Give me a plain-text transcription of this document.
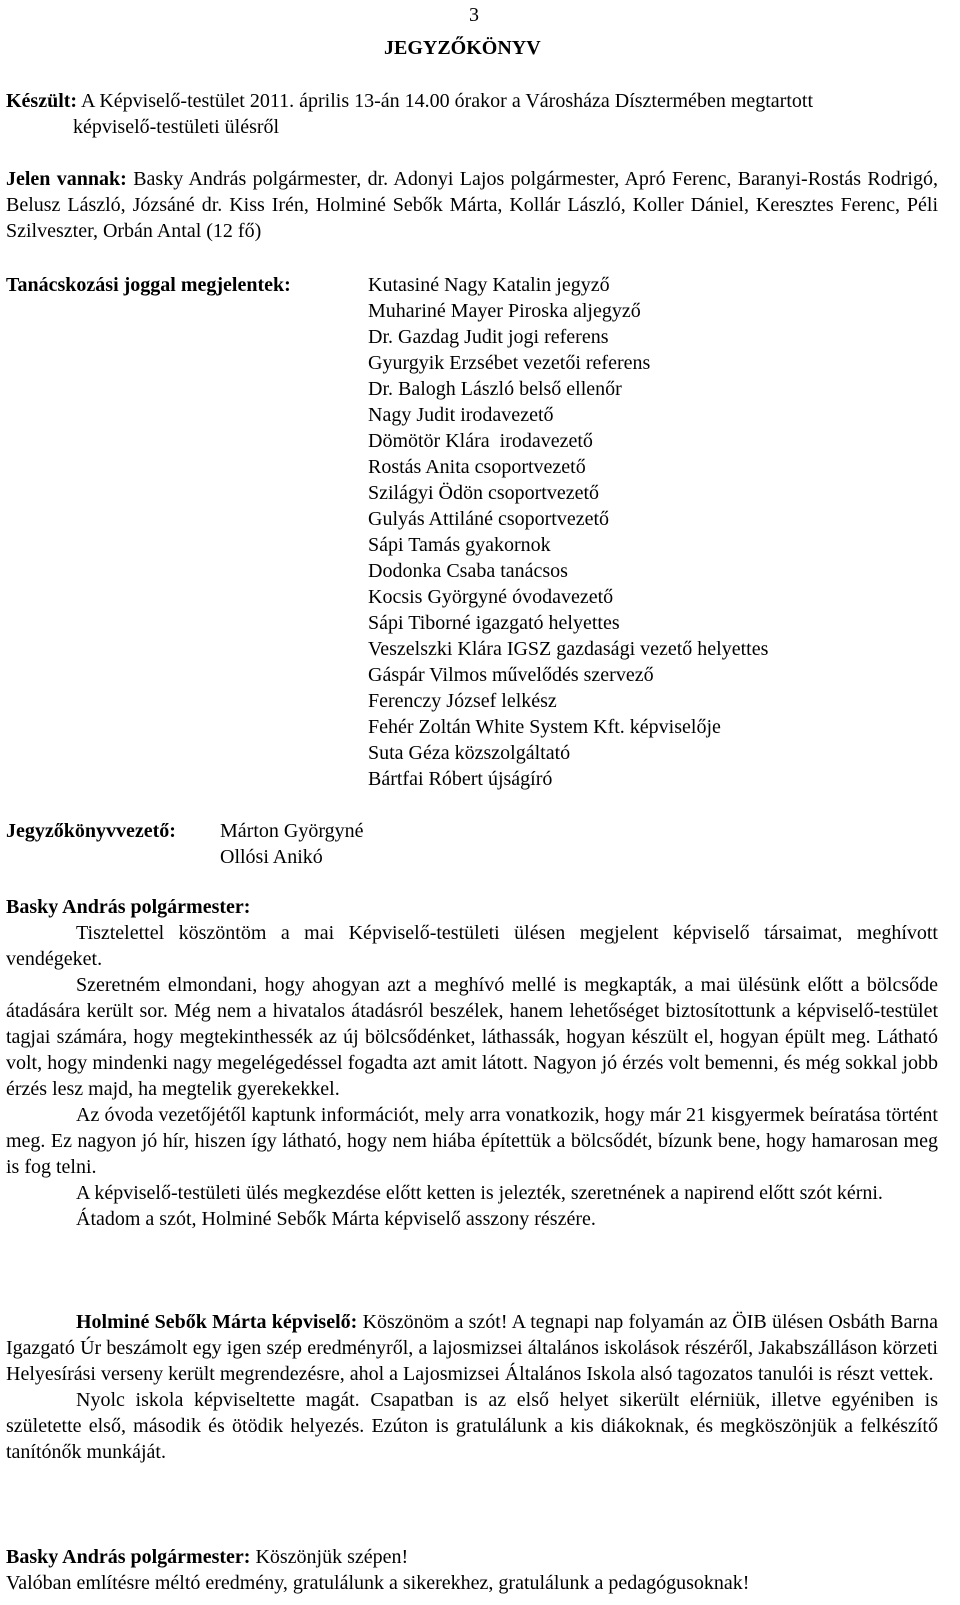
3
JEGYZŐKÖNYV
Készült: A Képviselő-testület 2011. április 13-án 14.00 órakor a Városháza Dísztermében megtartott
képviselő-testületi ülésről
Jelen vannak: Basky András polgármester, dr. Adonyi Lajos polgármester, Apró Ferenc, Baranyi-Rostás Rodrigó, Belusz László, Józsáné dr. Kiss Irén, Holminé Sebők Márta, Kollár László, Koller Dániel, Keresztes Ferenc, Péli Szilveszter, Orbán Antal (12 fő)
Tanácskozási joggal megjelentek:	Kutasiné Nagy Katalin jegyző
Muhariné Mayer Piroska aljegyző
Dr. Gazdag Judit jogi referens
Gyurgyik Erzsébet vezetői referens
Dr. Balogh László belső ellenőr
Nagy Judit irodavezető
Dömötör Klára  irodavezető
Rostás Anita csoportvezető
Szilágyi Ödön csoportvezető
Gulyás Attiláné csoportvezető
Sápi Tamás gyakornok
Dodonka Csaba tanácsos
Kocsis Györgyné óvodavezető
Sápi Tiborné igazgató helyettes
Veszelszki Klára IGSZ gazdasági vezető helyettes
Gáspár Vilmos művelődés szervező
Ferenczy József lelkész
Fehér Zoltán White System Kft. képviselője
Suta Géza közszolgáltató
Bártfai Róbert újságíró
Jegyzőkönyvvezető: Márton Györgyné
Ollósi Anikó
Basky András polgármester:
Tisztelettel köszöntöm a mai Képviselő-testületi ülésen megjelent képviselő társaimat, meghívott vendégeket.
Szeretném elmondani, hogy ahogyan azt a meghívó mellé is megkapták, a mai ülésünk előtt a bölcsőde átadására került sor. Még nem a hivatalos átadásról beszélek, hanem lehetőséget biztosítottunk a képviselő-testület tagjai számára, hogy megtekinthessék az új bölcsődénket, láthassák, hogyan készült el, hogyan épült meg. Látható volt, hogy mindenki nagy megelégedéssel fogadta azt amit látott. Nagyon jó érzés volt bemenni, és még sokkal jobb érzés lesz majd, ha megtelik gyerekekkel.
Az óvoda vezetőjétől kaptunk információt, mely arra vonatkozik, hogy már 21 kisgyermek beíratása történt meg. Ez nagyon jó hír, hiszen így látható, hogy nem hiába építettük a bölcsődét, bízunk bene, hogy hamarosan meg is fog telni.
A képviselő-testületi ülés megkezdése előtt ketten is jelezték, szeretnének a napirend előtt szót kérni.
Átadom a szót, Holminé Sebők Márta képviselő asszony részére.
Holminé Sebők Márta képviselő: Köszönöm a szót! A tegnapi nap folyamán az ÖIB ülésen Osbáth Barna Igazgató Úr beszámolt egy igen szép eredményről, a lajosmizsei általános iskolások részéről, Jakabszálláson körzeti Helyesírási verseny került megrendezésre, ahol a Lajosmizsei Általános Iskola alsó tagozatos tanulói is részt vettek.
Nyolc iskola képviseltette magát. Csapatban is az első helyet sikerült elérniük, illetve egyéniben is születette első, második és ötödik helyezés. Ezúton is gratulálunk a kis diákoknak, és megköszönjük a felkészítő tanítónők munkáját.
Basky András polgármester: Köszönjük szépen!
Valóban említésre méltó eredmény, gratulálunk a sikerekhez, gratulálunk a pedagógusoknak!
